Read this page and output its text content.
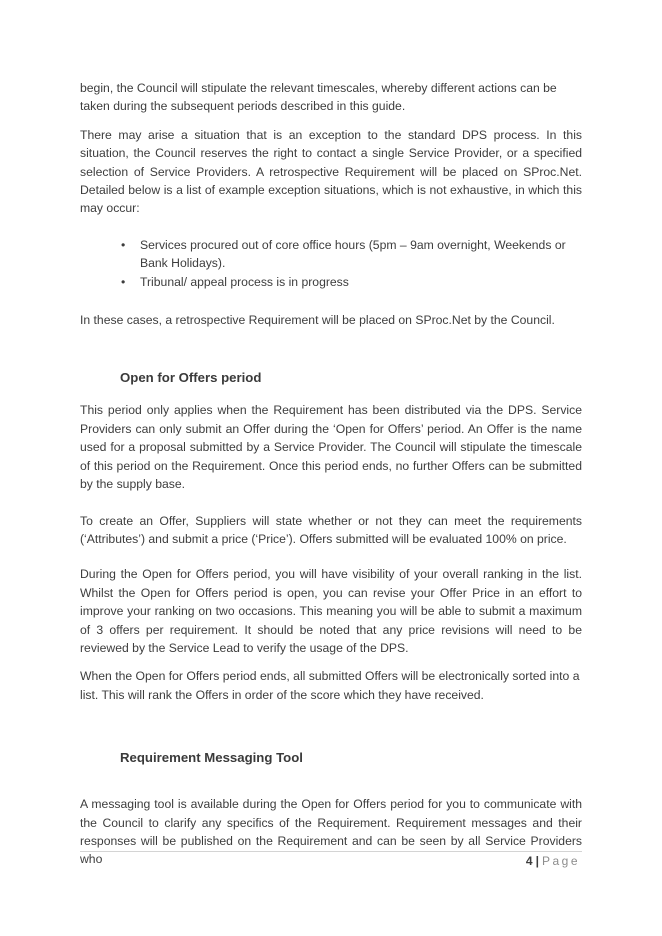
begin, the Council will stipulate the relevant timescales, whereby different actions can be taken during the subsequent periods described in this guide.

There may arise a situation that is an exception to the standard DPS process. In this situation, the Council reserves the right to contact a single Service Provider, or a specified selection of Service Providers. A retrospective Requirement will be placed on SProc.Net. Detailed below is a list of example exception situations, which is not exhaustive, in which this may occur:

• Services procured out of core office hours (5pm – 9am overnight, Weekends or Bank Holidays).
• Tribunal/ appeal process is in progress

In these cases, a retrospective Requirement will be placed on SProc.Net by the Council.

Open for Offers period

This period only applies when the Requirement has been distributed via the DPS. Service Providers can only submit an Offer during the ‘Open for Offers’ period. An Offer is the name used for a proposal submitted by a Service Provider. The Council will stipulate the timescale of this period on the Requirement. Once this period ends, no further Offers can be submitted by the supply base.

To create an Offer, Suppliers will state whether or not they can meet the requirements (‘Attributes’) and submit a price (‘Price’). Offers submitted will be evaluated 100% on price.

During the Open for Offers period, you will have visibility of your overall ranking in the list. Whilst the Open for Offers period is open, you can revise your Offer Price in an effort to improve your ranking on two occasions. This meaning you will be able to submit a maximum of 3 offers per requirement. It should be noted that any price revisions will need to be reviewed by the Service Lead to verify the usage of the DPS.

When the Open for Offers period ends, all submitted Offers will be electronically sorted into a list. This will rank the Offers in order of the score which they have received.

Requirement Messaging Tool

A messaging tool is available during the Open for Offers period for you to communicate with the Council to clarify any specifics of the Requirement. Requirement messages and their responses will be published on the Requirement and can be seen by all Service Providers who	4 | Page
